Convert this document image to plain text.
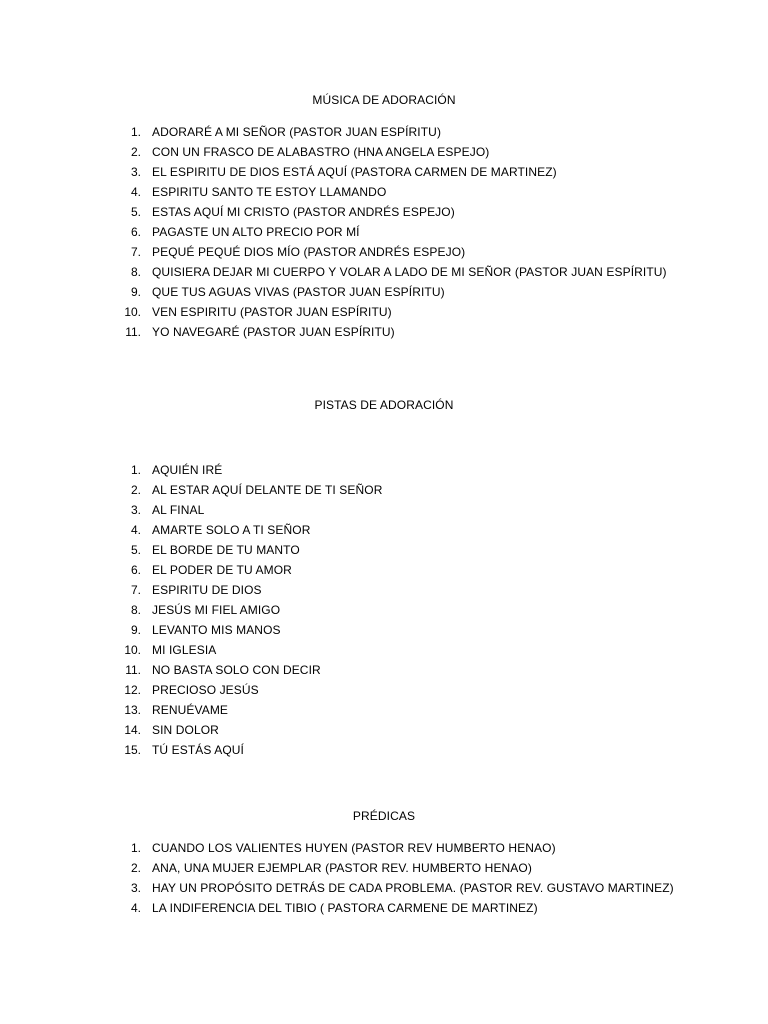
MÚSICA DE ADORACIÓN
1. ADORARÉ A MI SEÑOR (PASTOR JUAN ESPÍRITU)
2. CON UN FRASCO DE ALABASTRO (HNA ANGELA ESPEJO)
3. EL ESPIRITU DE DIOS ESTÁ AQUÍ (PASTORA CARMEN DE MARTINEZ)
4. ESPIRITU SANTO TE ESTOY LLAMANDO
5. ESTAS AQUÍ MI CRISTO (PASTOR ANDRÉS ESPEJO)
6. PAGASTE UN ALTO PRECIO POR MÍ
7. PEQUÉ PEQUÉ DIOS MÍO (PASTOR ANDRÉS ESPEJO)
8. QUISIERA DEJAR MI CUERPO Y VOLAR A LADO DE MI SEÑOR (PASTOR JUAN ESPÍRITU)
9. QUE TUS AGUAS VIVAS (PASTOR JUAN ESPÍRITU)
10. VEN ESPIRITU (PASTOR JUAN ESPÍRITU)
11. YO NAVEGARÉ (PASTOR JUAN ESPÍRITU)
PISTAS DE ADORACIÓN
1. AQUIÉN IRÉ
2. AL ESTAR AQUÍ DELANTE DE TI SEÑOR
3. AL FINAL
4. AMARTE SOLO A TI SEÑOR
5. EL BORDE DE TU MANTO
6. EL PODER DE TU AMOR
7. ESPIRITU DE DIOS
8. JESÚS MI FIEL AMIGO
9. LEVANTO MIS MANOS
10. MI IGLESIA
11. NO BASTA SOLO CON DECIR
12. PRECIOSO JESÚS
13. RENUÉVAME
14. SIN DOLOR
15. TÚ ESTÁS AQUÍ
PRÉDICAS
1. CUANDO LOS VALIENTES HUYEN (PASTOR REV HUMBERTO HENAO)
2. ANA, UNA MUJER EJEMPLAR (PASTOR REV. HUMBERTO HENAO)
3. HAY UN PROPÓSITO DETRÁS DE CADA PROBLEMA. (PASTOR REV. GUSTAVO MARTINEZ)
4. LA INDIFERENCIA DEL TIBIO ( PASTORA CARMENE DE MARTINEZ)
